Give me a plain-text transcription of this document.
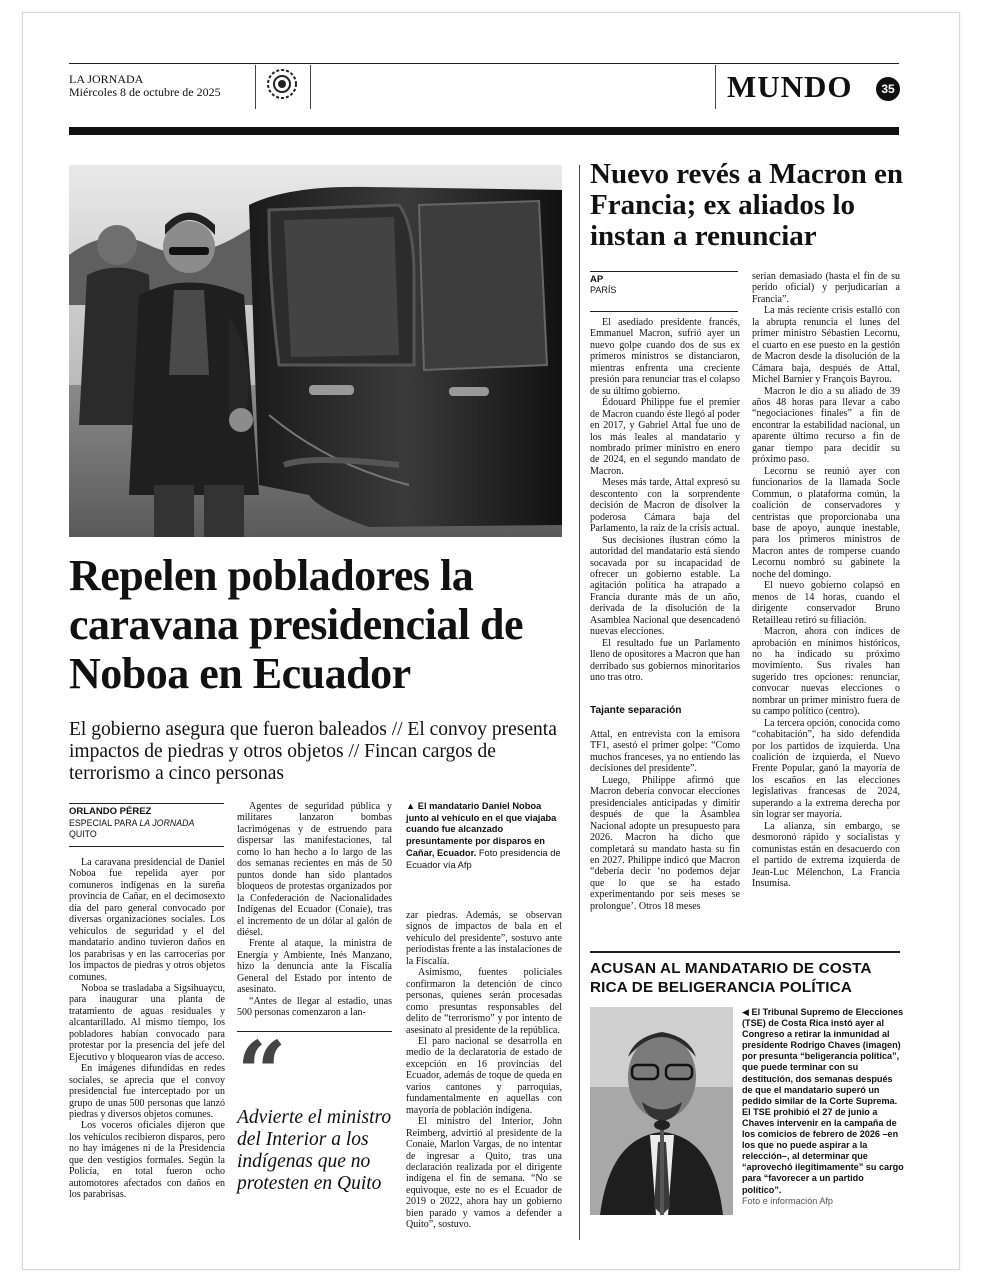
LA JORNADA
Miércoles 8 de octubre de 2025	MUNDO	35
Repelen pobladores la caravana presidencial de Noboa en Ecuador
El gobierno asegura que fueron baleados // El convoy presenta impactos de piedras y otros objetos // Fincan cargos de terrorismo a cinco personas
ORLANDO PÉREZ
ESPECIAL PARA LA JORNADA
QUITO

La caravana presidencial de Daniel Noboa fue repelida ayer por comuneros indígenas en la sureña provincia de Cañar, en el decimosexto día del paro general convocado por diversas organizaciones sociales. Los vehículos de seguridad y el del mandatario andino tuvieron daños en los parabrisas y en las carrocerías por los impactos de piedras y otros objetos comunes.

Noboa se trasladaba a Sigsihuaycu, para inaugurar una planta de tratamiento de aguas residuales y alcantarillado. Al mismo tiempo, los pobladores habían convocado para protestar por la presencia del jefe del Ejecutivo y bloquearon vías de acceso.

En imágenes difundidas en redes sociales, se aprecia que el convoy presidencial fue interceptado por un grupo de unas 500 personas que lanzó piedras y diversos objetos comunes.

Los voceros oficiales dijeron que los vehículos recibieron disparos, pero no hay imágenes ni de la Presidencia que den vestigios formales. Según la Policía, en total fueron ocho automotores afectados con daños en los parabrisas.

Agentes de seguridad pública y militares lanzaron bombas lacrimógenas y de estruendo para dispersar las manifestaciones, tal como lo han hecho a lo largo de las dos semanas recientes en más de 50 puntos donde han sido plantados bloqueos de protestas organizados por la Confederación de Nacionalidades Indígenas del Ecuador (Conaie), tras el incremento de un dólar al galón de diésel.

Frente al ataque, la ministra de Energía y Ambiente, Inés Manzano, hizo la denuncia ante la Fiscalía General del Estado por intento de asesinato.

“Antes de llegar al estadio, unas 500 personas comenzaron a lan-

“
Advierte el ministro del Interior a los indígenas que no protesten en Quito
▲ El mandatario Daniel Noboa junto al vehículo en el que viajaba cuando fue alcanzado presuntamente por disparos en Cañar, Ecuador. Foto presidencia de Ecuador vía Afp

zar piedras. Además, se observan signos de impactos de bala en el vehículo del presidente”, sostuvo ante periodistas frente a las instalaciones de la Fiscalía.

Asimismo, fuentes policiales confirmaron la detención de cinco personas, quienes serán procesadas como presuntas responsables del delito de “terrorismo” y por intento de asesinato al presidente de la república.

El paro nacional se desarrolla en medio de la declaratoria de estado de excepción en 16 provincias del Ecuador, además de toque de queda en varios cantones y parroquias, fundamentalmente en aquellas con mayoría de población indígena.

El ministro del Interior, John Reimberg, advirtió al presidente de la Conaie, Marlon Vargas, de no intentar de ingresar a Quito, tras una declaración realizada por el dirigente indígena el fin de semana. “No se equivoque, este no es el Ecuador de 2019 o 2022, ahora hay un gobierno bien parado y vamos a defender a Quito”, sostuvo.

Nuevo revés a Macron en Francia; ex aliados lo instan a renunciar
AP
PARÍS

El asediado presidente francés, Emmanuel Macron, sufrió ayer un nuevo golpe cuando dos de sus ex primeros ministros se distanciaron, mientras enfrenta una creciente presión para renunciar tras el colapso de su último gobierno.

Édouard Philippe fue el premier de Macron cuando éste llegó al poder en 2017, y Gabriel Attal fue uno de los más leales al mandatario y nombrado primer ministro en enero de 2024, en el segundo mandato de Macron.

Meses más tarde, Attal expresó su descontento con la sorprendente decisión de Macron de disolver la poderosa Cámara baja del Parlamento, la raíz de la crisis actual.

Sus decisiones ilustran cómo la autoridad del mandatario está siendo socavada por su incapacidad de ofrecer un gobierno estable. La agitación política ha atrapado a Francia durante más de un año, derivada de la disolución de la Asamblea Nacional que desencadenó nuevas elecciones.

El resultado fue un Parlamento lleno de opositores a Macron que han derribado sus gobiernos minoritarios uno tras otro.

Tajante separación

Attal, en entrevista con la emisora TF1, asestó el primer golpe: “Como muchos franceses, ya no entiendo las decisiones del presidente”.

Luego, Philippe afirmó que Macron debería convocar elecciones presidenciales anticipadas y dimitir después de que la Asamblea Nacional adopte un presupuesto para 2026. Macron ha dicho que completará su mandato hasta su fin en 2027. Philippe indicó que Macron “debería decir ‘no podemos dejar que lo que se ha estado experimentando por seis meses se prolongue’. Otros 18 meses

serían demasiado (hasta el fin de su perido oficial) y perjudicarían a Francia”.

La más reciente crisis estalló con la abrupta renuncia el lunes del primer ministro Sébastien Lecornu, el cuarto en ese puesto en la gestión de Macron desde la disolución de la Cámara baja, después de Attal, Michel Barnier y François Bayrou.

Macron le dio a su aliado de 39 años 48 horas para llevar a cabo “negociaciones finales” a fin de encontrar la estabilidad nacional, un aparente último recurso a fin de ganar tiempo para decidir su próximo paso.

Lecornu se reunió ayer con funcionarios de la llamada Socle Commun, o plataforma común, la coalición de conservadores y centristas que proporcionaba una base de apoyo, aunque inestable, para los primeros ministros de Macron antes de romperse cuando Lecornu nombró su gabinete la noche del domingo.

El nuevo gobierno colapsó en menos de 14 horas, cuando el dirigente conservador Bruno Retailleau retiró su filiación.

Macron, ahora con índices de aprobación en mínimos históricos, no ha indicado su próximo movimiento. Sus rivales han sugerido tres opciones: renunciar, convocar nuevas elecciones o nombrar un primer ministro fuera de su campo político (centro).

La tercera opción, conocida como “cohabitación”, ha sido defendida por los partidos de izquierda. Una coalición de izquierda, el Nuevo Frente Popular, ganó la mayoría de los escaños en las elecciones legislativas francesas de 2024, superando a la extrema derecha por sin lograr ser mayoría.

La alianza, sin embargo, se desmoronó rápido y socialistas y comunistas están en desacuerdo con el partido de extrema izquierda de Jean-Luc Mélenchon, La Francia Insumisa.

ACUSAN AL MANDATARIO DE COSTA RICA DE BELIGERANCIA POLÍTICA
◀ El Tribunal Supremo de Elecciones (TSE) de Costa Rica instó ayer al Congreso a retirar la inmunidad al presidente Rodrigo Chaves (imagen) por presunta “beligerancia política”, que puede terminar con su destitución, dos semanas después de que el mandatario superó un pedido similar de la Corte Suprema. El TSE prohibió el 27 de junio a Chaves intervenir en la campaña de los comicios de febrero de 2026 –en los que no puede aspirar a la relección–, al determinar que “aprovechó ilegítimamente” su cargo para “favorecer a un partido político”.
Foto e información Afp
